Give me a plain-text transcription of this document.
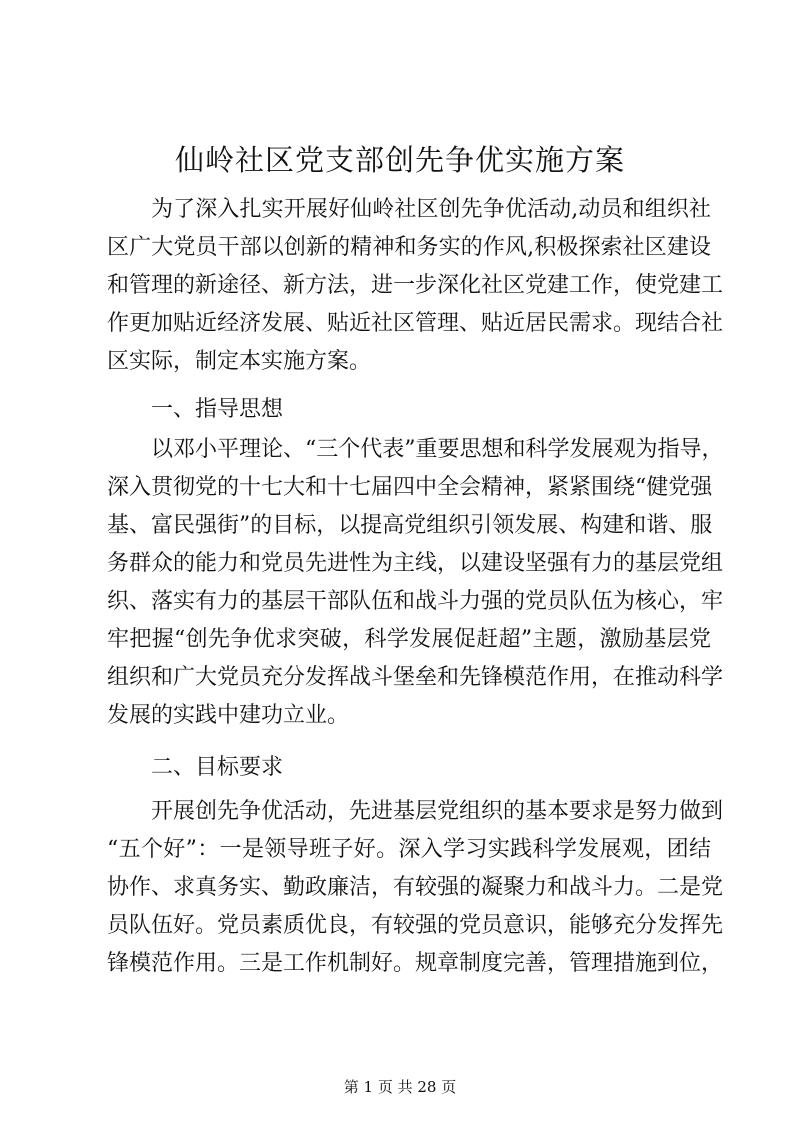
仙岭社区党支部创先争优实施方案

为了深入扎实开展好仙岭社区创先争优活动,动员和组织社

区广大党员干部以创新的精神和务实的作风,积极探索社区建设

和管理的新途径、新方法，进一步深化社区党建工作，使党建工

作更加贴近经济发展、贴近社区管理、贴近居民需求。现结合社

区实际，制定本实施方案。

一、指导思想

以邓小平理论、“三个代表”重要思想和科学发展观为指导，

深入贯彻党的十七大和十七届四中全会精神，紧紧围绕“健党强

基、富民强街”的目标，以提高党组织引领发展、构建和谐、服

务群众的能力和党员先进性为主线，以建设坚强有力的基层党组

织、落实有力的基层干部队伍和战斗力强的党员队伍为核心，牢

牢把握“创先争优求突破，科学发展促赶超”主题，激励基层党

组织和广大党员充分发挥战斗堡垒和先锋模范作用，在推动科学

发展的实践中建功立业。

二、目标要求

开展创先争优活动，先进基层党组织的基本要求是努力做到

“五个好”：一是领导班子好。深入学习实践科学发展观，团结

协作、求真务实、勤政廉洁，有较强的凝聚力和战斗力。二是党

员队伍好。党员素质优良，有较强的党员意识，能够充分发挥先

锋模范作用。三是工作机制好。规章制度完善，管理措施到位，

第 1 页 共 28 页
